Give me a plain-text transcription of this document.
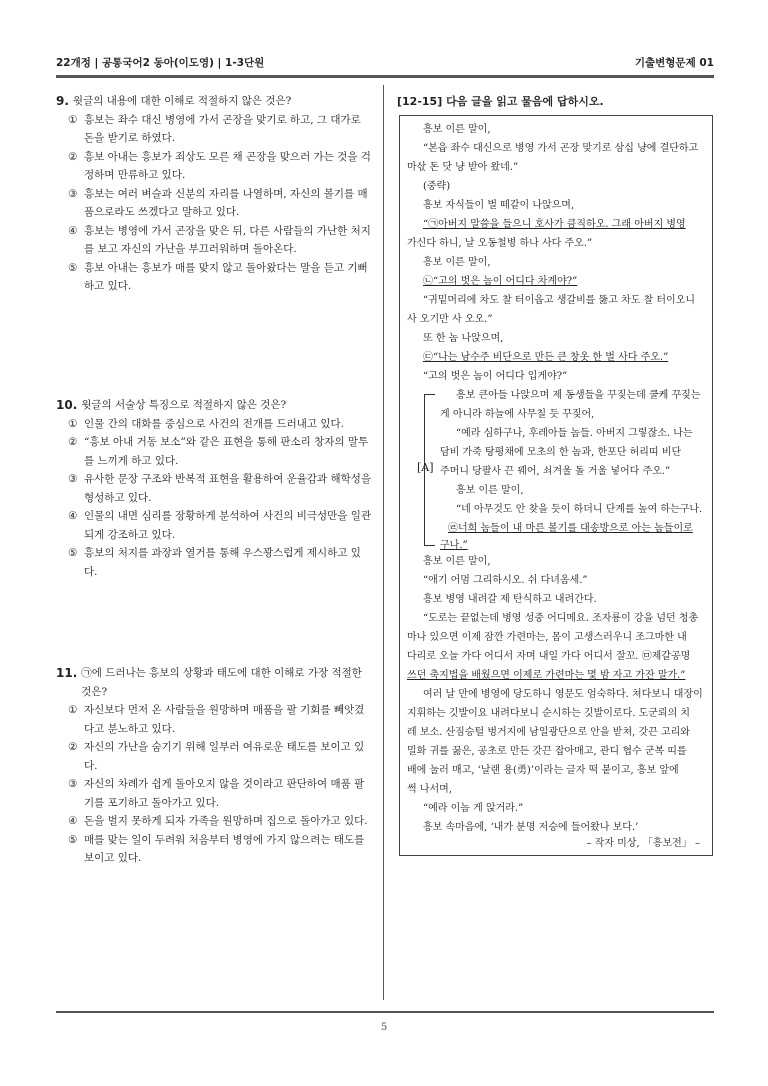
22개정 | 공통국어2 동아(이도영) | 1-3단원	기출변형문제 01
9. 윗글의 내용에 대한 이해로 적절하지 않은 것은?
① 흥보는 좌수 대신 병영에 가서 곤장을 맞기로 하고, 그 대가로 돈을 받기로 하였다.
② 흥보 아내는 흥보가 죄상도 모른 채 곤장을 맞으러 가는 것을 걱정하며 만류하고 있다.
③ 흥보는 여러 벼슬과 신분의 자리를 나열하며, 자신의 볼기를 매품으로라도 쓰겠다고 말하고 있다.
④ 흥보는 병영에 가서 곤장을 맞은 뒤, 다른 사람들의 가난한 처지를 보고 자신의 가난을 부끄러워하며 돌아온다.
⑤ 흥보 아내는 흥보가 매를 맞지 않고 돌아왔다는 말을 듣고 기뻐하고 있다.
10. 윗글의 서술상 특징으로 적절하지 않은 것은?
① 인물 간의 대화를 중심으로 사건의 전개를 드러내고 있다.
② “흥보 아내 거동 보소”와 같은 표현을 통해 판소리 창자의 말투를 느끼게 하고 있다.
③ 유사한 문장 구조와 반복적 표현을 활용하여 운율감과 해학성을 형성하고 있다.
④ 인물의 내면 심리를 장황하게 분석하여 사건의 비극성만을 일관되게 강조하고 있다.
⑤ 흥보의 처지를 과장과 열거를 통해 우스꽝스럽게 제시하고 있다.
11. ㉠에 드러나는 흥보의 상황과 태도에 대한 이해로 가장 적절한 것은?
① 자신보다 먼저 온 사람들을 원망하며 매품을 팔 기회를 빼앗겼다고 분노하고 있다.
② 자신의 가난을 숨기기 위해 일부러 여유로운 태도를 보이고 있다.
③ 자신의 차례가 쉽게 돌아오지 않을 것이라고 판단하여 매품 팔기를 포기하고 돌아가고 있다.
④ 돈을 벌지 못하게 되자 가족을 원망하며 집으로 돌아가고 있다.
⑤ 매를 맞는 일이 두려워 처음부터 병영에 가지 않으려는 태도를 보이고 있다.
[12-15] 다음 글을 읽고 물음에 답하시오.
흥보 이른 말이,
“본읍 좌수 대신으로 병영 가서 곤장 맞기로 삼십 냥에 결단하고
마삯 돈 닷 냥 받아 왔네.”
(중략)
흥보 자식들이 벌 떼같이 나앉으며,
“㉠아버지 말씀을 들으니 호사가 큼직하오. 그래 아버지 병영
가신다 하니, 날 오동철병 하나 사다 주오.”
흥보 이른 말이,
㉡“고의 벗은 놈이 어디다 차계야?”
“귀밑머리에 차도 찰 터이옵고 생갈비를 뚫고 차도 찰 터이오니
사 오기만 사 오오.”
또 한 놈 나앉으며,
㉢“나는 남수주 비단으로 만든 큰 창옷 한 벌 사다 주오.”
“고의 벗은 놈이 어디다 입게야?”
[A]
흥보 큰아들 나앉으며 제 동생들을 꾸짖는데 쿨케 꾸짖는
게 아니라 하늘에 사무칠 듯 꾸짖어,
“예라 심하구나, 후레아들 놈들. 아버지 그렇잖소. 나는
담비 가죽 탕평채에 모초의 한 놈과, 한포단 허리띠 비단
주머니 당팔사 끈 꿰어, 쇠겨울 돌 거울 넣어다 주오.”
흥보 이른 말이,
“네 아무것도 안 찾을 듯이 하더니 단계를 높여 하는구나.
㉣너희 놈들이 내 마른 볼기를 대송방으로 아는 놈들이로
구나.”
흥보 이른 말이,
“애기 어멈 그리하시오. 쉬 다녀옴세.”
흥보 병영 내려갈 제 탄식하고 내려간다.
“도로는 끝없는데 병영 성중 어디메요. 조자룡이 강을 넘던 청총
마나 있으면 이제 잠깐 가련마는, 몸이 고생스러우니 조그마한 내
다리로 오늘 가다 어디서 자며 내일 가다 어디서 잘꼬. ㉤제갈공명
쓰던 축지법을 배웠으면 이제로 가련마는 몇 밤 자고 가잔 말가.”
여러 날 만에 병영에 당도하니 영문도 엄숙하다. 쳐다보니 대장이
지휘하는 깃발이요 내려다보니 순시하는 깃발이로다. 도군뢰의 치
레 보소. 산짐승털 벙거지에 남일광단으로 안을 받쳐, 갓끈 고리와
밀화 귀를 꿇은, 공초로 만든 갓끈 잡아매고, 관디 협수 군복 띠를
배에 눌러 매고, ‘날랜 용(勇)’이라는 글자 떡 붙이고, 흥보 앞에
썩 나서며,
“예라 이놈 게 앉거라.”
흥보 속마음에, ‘내가 분명 저승에 들어왔나 보다.’
– 작자 미상, 「흥보전」 –
5
